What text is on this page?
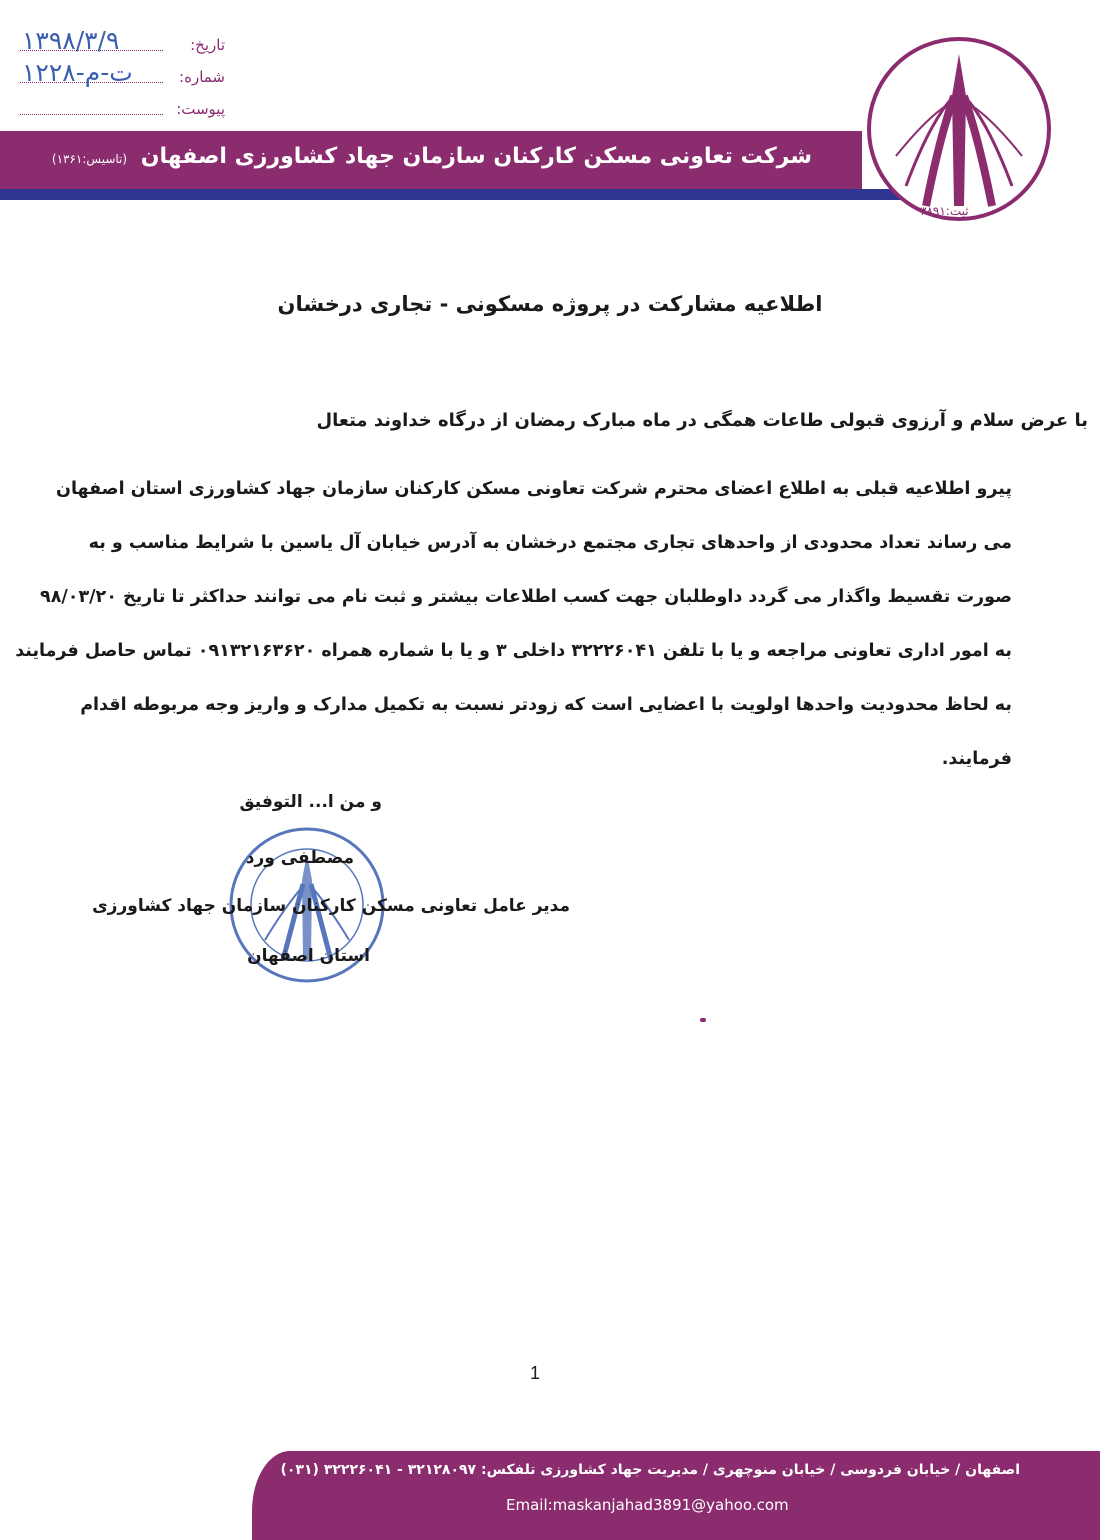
تاریخ:
۱۳۹۸/۳/۹
شماره:
۱۲۲۸-ت-م
پیوست:
شرکت تعاونی مسکن کارکنان سازمان جهاد کشاورزی اصفهان (تاسیس:۱۳۶۱)
ثبت:۳۸۹۱
اطلاعیه مشارکت در پروژه مسکونی - تجاری درخشان
با عرض سلام و آرزوی قبولی طاعات همگی در ماه مبارک رمضان از درگاه خداوند متعال
پیرو اطلاعیه قبلی به اطلاع اعضای محترم شرکت تعاونی مسکن کارکنان سازمان جهاد کشاورزی استان اصفهان
می رساند تعداد محدودی از واحدهای تجاری مجتمع درخشان به آدرس خیابان آل یاسین با شرایط مناسب و به
صورت تقسیط واگذار می گردد داوطلبان جهت کسب اطلاعات بیشتر و ثبت نام می توانند حداکثر تا تاریخ ۹۸/۰۳/۲۰
به امور اداری تعاونی مراجعه و یا با تلفن ۳۲۲۲۶۰۴۱ داخلی ۳ و یا با شماره همراه ۰۹۱۳۲۱۶۳۶۲۰ تماس حاصل فرمایند
به لحاظ محدودیت واحدها اولویت با اعضایی است که زودتر نسبت به تکمیل مدارک و واریز وجه مربوطه اقدام
فرمایند.
و من ا... التوفیق
مصطفی ورد
مدیر عامل تعاونی مسکن کارکنان سازمان جهاد کشاورزی
استان اصفهان
1
اصفهان / خیابان فردوسی / خیابان منوچهری / مدیریت جهاد کشاورزی تلفکس: ۳۲۱۲۸۰۹۷ - ۳۲۲۲۶۰۴۱ (۰۳۱)
Email:maskanjahad3891@yahoo.com
